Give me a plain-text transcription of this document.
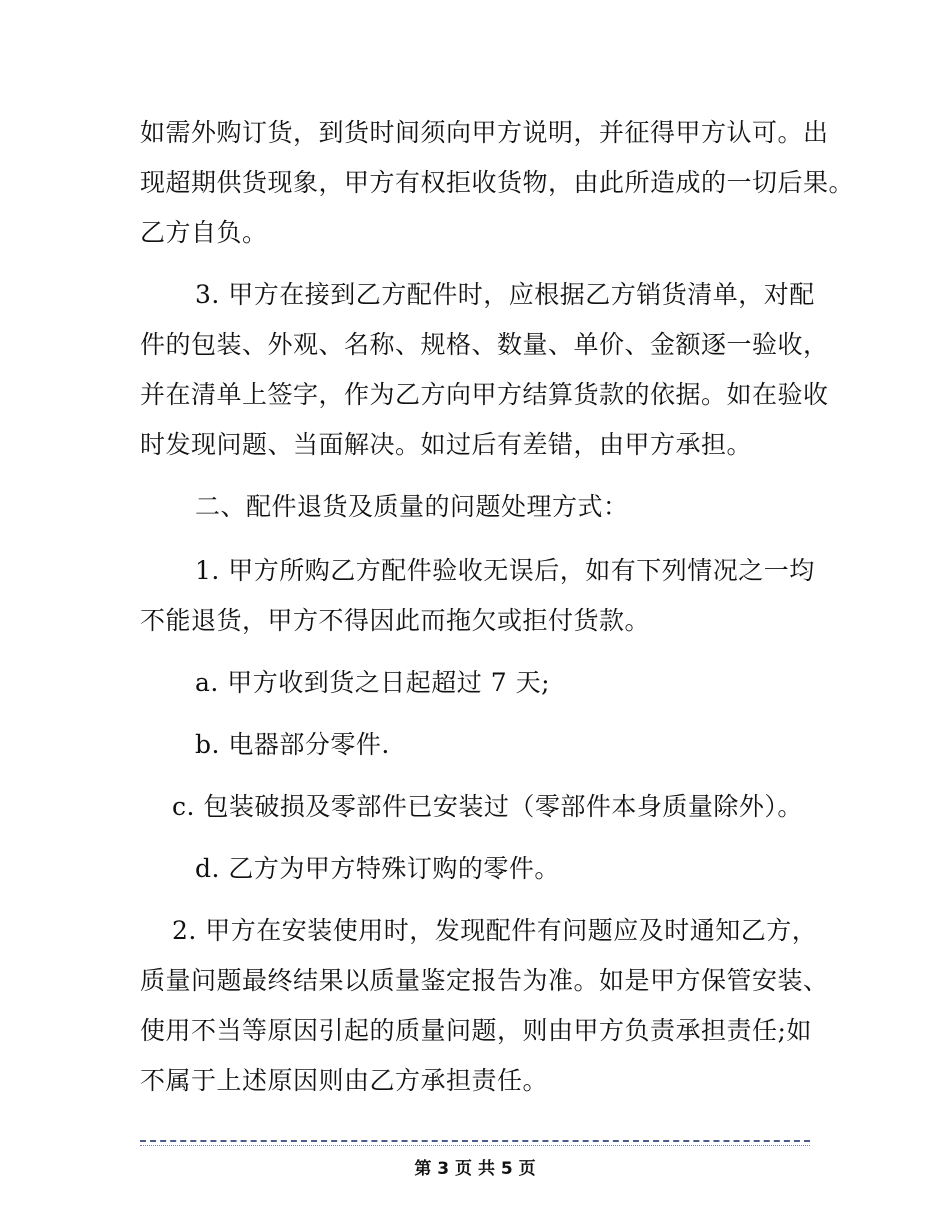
如需外购订货，到货时间须向甲方说明，并征得甲方认可。出
现超期供货现象，甲方有权拒收货物，由此所造成的一切后果。
乙方自负。
3. 甲方在接到乙方配件时，应根据乙方销货清单，对配
件的包装、外观、名称、规格、数量、单价、金额逐一验收，
并在清单上签字，作为乙方向甲方结算货款的依据。如在验收
时发现问题、当面解决。如过后有差错，由甲方承担。
二、配件退货及质量的问题处理方式：
1. 甲方所购乙方配件验收无误后，如有下列情况之一均
不能退货，甲方不得因此而拖欠或拒付货款。
a. 甲方收到货之日起超过 7 天;
b. 电器部分零件.
c. 包装破损及零部件已安装过（零部件本身质量除外）。
d. 乙方为甲方特殊订购的零件。
2. 甲方在安装使用时，发现配件有问题应及时通知乙方，
质量问题最终结果以质量鉴定报告为准。如是甲方保管安装、
使用不当等原因引起的质量问题，则由甲方负责承担责任;如
不属于上述原因则由乙方承担责任。
第 3 页 共 5 页
